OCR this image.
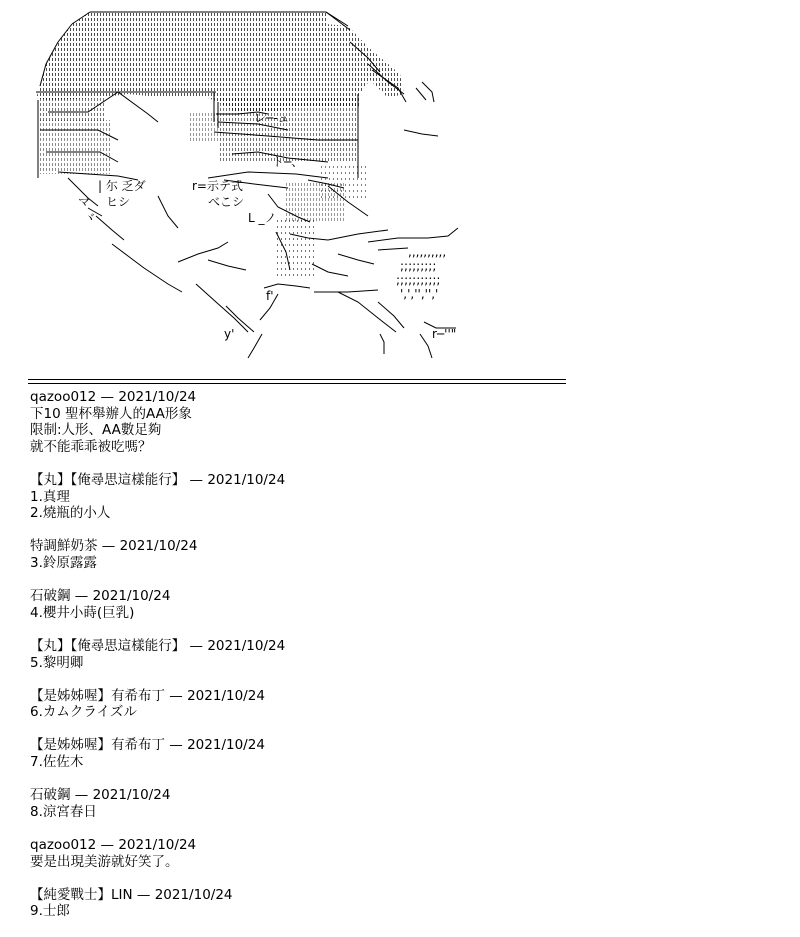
| 尓 乏ダ	r=示テ式
ヒシ	べこシ
マ
ヾ
レ─‐ュ
L _ノ
ト─、
;;;;;;;;;
,,,,,,,,,,
;;;;;;;;;;;
',','','','
r─''"
y'
f'
qazoo012 — 2021/10/24
下10 聖杯舉辦人的AA形象
限制:人形、AA數足夠
就不能乖乖被吃嗎？
【丸】【俺尋思這樣能行】 — 2021/10/24
1.真理
2.燒瓶的小人
特調鮮奶茶 — 2021/10/24
3.鈴原露露
石破鋼 — 2021/10/24
4.櫻井小蒔(巨乳)
【丸】【俺尋思這樣能行】 — 2021/10/24
5.黎明卿
【是姊姊喔】有希布丁 — 2021/10/24
6.カムクライズル
【是姊姊喔】有希布丁 — 2021/10/24
7.佐佐木
石破鋼 — 2021/10/24
8.涼宮春日
qazoo012 — 2021/10/24
要是出現美游就好笑了。
【純愛戰士】LIN — 2021/10/24
9.士郎
